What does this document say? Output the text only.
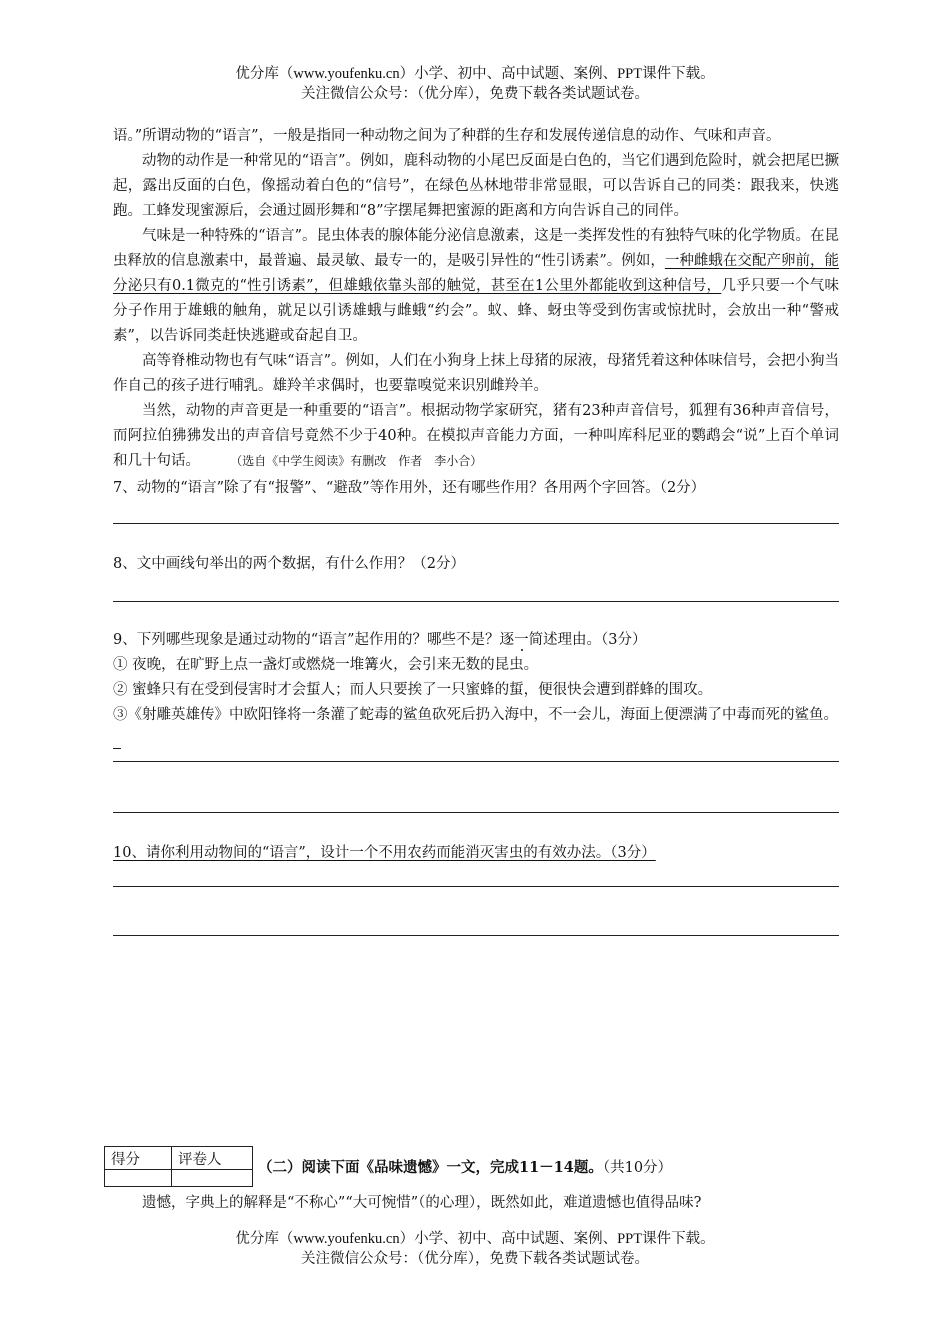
优分库（www.youfenku.cn）小学、初中、高中试题、案例、PPT课件下载。
关注微信公众号：（优分库），免费下载各类试题试卷。

语。”所谓动物的“语言”，一般是指同一种动物之间为了种群的生存和发展传递信息的动作、气味和声音。

动物的动作是一种常见的“语言”。例如，鹿科动物的小尾巴反面是白色的，当它们遇到危险时，就会把尾巴撅起，露出反面的白色，像摇动着白色的“信号”，在绿色丛林地带非常显眼，可以告诉自己的同类：跟我来，快逃跑。工蜂发现蜜源后，会通过圆形舞和“8”字摆尾舞把蜜源的距离和方向告诉自己的同伴。

气味是一种特殊的“语言”。昆虫体表的腺体能分泌信息激素，这是一类挥发性的有独特气味的化学物质。在昆虫释放的信息激素中，最普遍、最灵敏、最专一的，是吸引异性的“性引诱素”。例如，一种雌蛾在交配产卵前，能分泌只有0.1微克的“性引诱素”，但雄蛾依靠头部的触觉，甚至在1公里外都能收到这种信号，几乎只要一个气味分子作用于雄蛾的触角，就足以引诱雄蛾与雌蛾“约会”。蚁、蜂、蚜虫等受到伤害或惊扰时，会放出一种“警戒素”，以告诉同类赶快逃避或奋起自卫。

高等脊椎动物也有气味“语言”。例如，人们在小狗身上抹上母猪的尿液，母猪凭着这种体味信号，会把小狗当作自己的孩子进行哺乳。雄羚羊求偶时，也要靠嗅觉来识别雌羚羊。

当然，动物的声音更是一种重要的“语言”。根据动物学家研究，猪有23种声音信号，狐狸有36种声音信号，而阿拉伯狒狒发出的声音信号竟然不少于40种。在模拟声音能力方面，一种叫库科尼亚的鹦鹉会“说”上百个单词和几十句话。　　　	（选自《中学生阅读》有删改　作者　李小合）

7、动物的“语言”除了有“报警”、“避敌”等作用外，还有哪些作用？各用两个字回答。（2分）

8、文中画线句举出的两个数据，有什么作用？（2分）

9、下列哪些现象是通过动物的“语言”起作用的？哪些不是？逐一简述理由。（3分）

① 夜晚，在旷野上点一盏灯或燃烧一堆篝火，会引来无数的昆虫。

② 蜜蜂只有在受到侵害时才会蜇人；而人只要挨了一只蜜蜂的蜇，便很快会遭到群蜂的围攻。

③《射雕英雄传》中欧阳锋将一条灌了蛇毒的鲨鱼砍死后扔入海中，不一会儿，海面上便漂满了中毒而死的鲨鱼。

10、请你利用动物间的“语言”，设计一个不用农药而能消灭害虫的有效办法。（3分）

得分	评卷人
		（二）阅读下面《品味遗憾》一文，完成11－14题。（共10分）
遗憾，字典上的解释是“不称心”“大可惋惜”（的心理），既然如此，难道遗憾也值得品味?
优分库（www.youfenku.cn）小学、初中、高中试题、案例、PPT课件下载。
关注微信公众号：（优分库），免费下载各类试题试卷。
